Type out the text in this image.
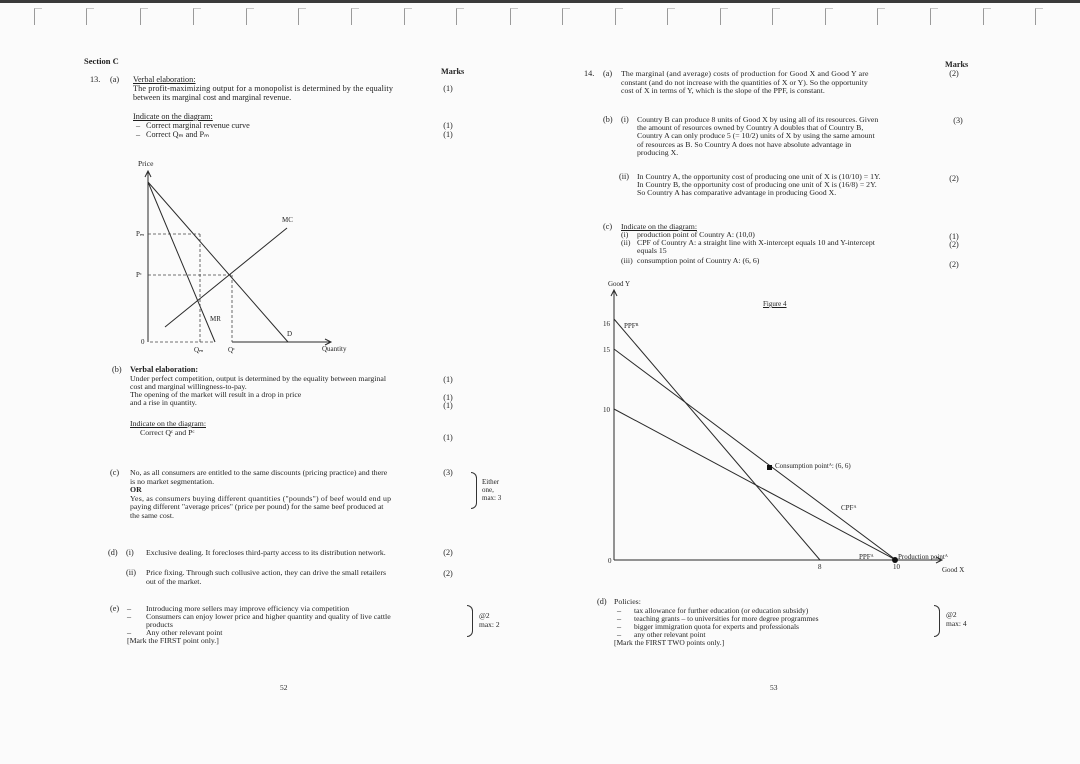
Section C
Marks
13. (a) Verbal elaboration:
The profit-maximizing output for a monopolist is determined by the equality
between its marginal cost and marginal revenue.
(1)
Indicate on the diagram:
– Correct marginal revenue curve	(1)
– Correct Qₘ and Pₘ	(1)
Price
Quantity
0
Pₘ
Pᶜ
Qₘ	Qᶜ
MC
MR
D
(b) Verbal elaboration:
Under perfect competition, output is determined by the equality between marginal	(1)
cost and marginal willingness-to-pay.
The opening of the market will result in a drop in price	(1)
and a rise in quantity.	(1)
Indicate on the diagram:
Correct Qᶜ and Pᶜ
(1)
(c) No, as all consumers are entitled to the same discounts (pricing practice) and there
is no market segmentation.
OR
Yes, as consumers buying different quantities ("pounds") of beef would end up
paying different "average prices" (price per pound) for the same beef produced at
the same cost.
(3)
Either
one,
max: 3
(d) (i) Exclusive dealing. It forecloses third-party access to its distribution network.	(2)
(ii) Price fixing. Through such collusive action, they can drive the small retailers
out of the market.
(2)
(e) – Introducing more sellers may improve efficiency via competition
– Consumers can enjoy lower price and higher quantity and quality of live cattle
products
– Any other relevant point
[Mark the FIRST point only.]
@2
max: 2
52
Marks
14. (a) The marginal (and average) costs of production for Good X and Good Y are
constant (and do not increase with the quantities of X or Y). So the opportunity
cost of X in terms of Y, which is the slope of the PPF, is constant.
(2)
(b) (i) Country B can produce 8 units of Good X by using all of its resources. Given
the amount of resources owned by Country A doubles that of Country B,
Country A can only produce 5 (= 10/2) units of X by using the same amount
of resources as B. So Country A does not have absolute advantage in
producing X.
(3)
(ii) In Country A, the opportunity cost of producing one unit of X is (10/10) = 1Y.
In Country B, the opportunity cost of producing one unit of X is (16/8) = 2Y.
So Country A has comparative advantage in producing Good X.
(2)
(c) Indicate on the diagram:
(i) production point of Country A: (10,0)	(1)
(ii) CPF of Country A: a straight line with X-intercept equals 10 and Y-intercept	(2)
equals 15
(iii) consumption point of Country A: (6, 6)	(2)
Good Y
Figure 4
16
15
10
0
8	10	Good X
PPFᴮ
PPFᴬ
CPFᴬ
Consumption pointᴬ: (6, 6)
Production pointᴬ
(d) Policies:
– tax allowance for further education (or education subsidy)
– teaching grants – to universities for more degree programmes
– bigger immigration quota for experts and professionals
– any other relevant point
[Mark the FIRST TWO points only.]
@2
max: 4
53
